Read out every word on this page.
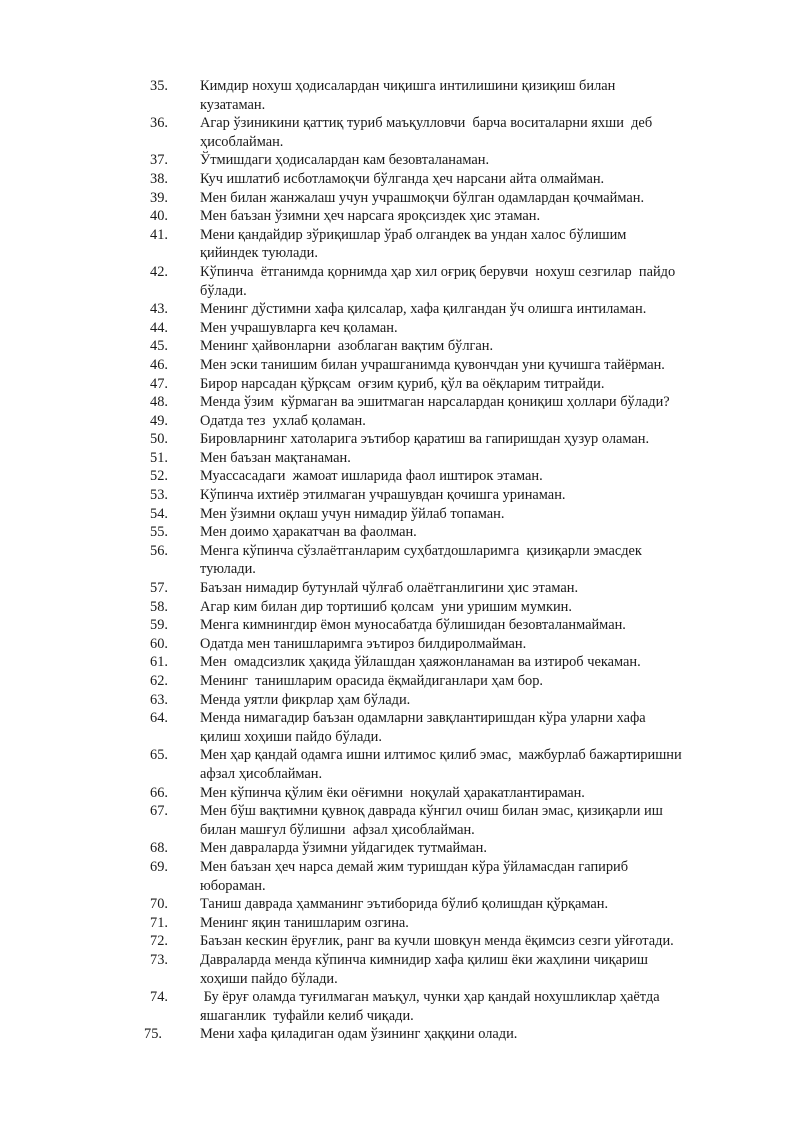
35. Кимдир нохуш ҳодисалардан чиқишга интилишини қизиқиш билан
кузатаман.
36. Агар ўзиникини қаттиқ туриб маъқулловчи  барча воситаларни яхши  деб
ҳисоблайман.
37. Ўтмишдаги ҳодисалардан кам безовталанаман.
38. Куч ишлатиб исботламоқчи бўлганда ҳеч нарсани айта олмайман.
39. Мен билан жанжалаш учун учрашмоқчи бўлган одамлардан қочмайман.
40. Мен баъзан ўзимни ҳеч нарсага яроқсиздек ҳис этаман.
41. Мени қандайдир зўриқишлар ўраб олгандек ва ундан халос бўлишим
қийиндек туюлади.
42. Кўпинча  ётганимда қорнимда ҳар хил оғриқ берувчи  нохуш сезгилар  пайдо
бўлади.
43. Менинг дўстимни хафа қилсалар, хафа қилгандан ўч олишга интиламан.
44. Мен учрашувларга кеч қоламан.
45. Менинг ҳайвонларни  азоблаган вақтим бўлган.
46. Мен эски танишим билан учрашганимда қувончдан уни қучишга тайёрман.
47. Бирор нарсадан қўрқсам  оғзим қуриб, қўл ва оёқларим титрайди.
48. Менда ўзим  кўрмаган ва эшитмаган нарсалардан қониқиш ҳоллари бўлади?
49. Одатда тез  ухлаб қоламан.
50. Бировларнинг хатоларига эътибор қаратиш ва гапиришдан ҳузур оламан.
51. Мен баъзан мақтанаман.
52. Муассасадаги  жамоат ишларида фаол иштирок этаман.
53. Кўпинча ихтиёр этилмаган учрашувдан қочишга уринаман.
54. Мен ўзимни оқлаш учун нимадир ўйлаб топаман.
55. Мен доимо ҳаракатчан ва фаолман.
56. Менга кўпинча сўзлаётганларим суҳбатдошларимга  қизиқарли эмасдек
туюлади.
57. Баъзан нимадир бутунлай чўлғаб олаётганлигини ҳис этаман.
58. Агар ким билан дир тортишиб қолсам  уни уришим мумкин.
59. Менга кимнингдир ёмон муносабатда бўлишидан безовталанмайман.
60. Одатда мен танишларимга эътироз билдиролмайман.
61. Мен  омадсизлик ҳақида ўйлашдан ҳаяжонланаман ва изтироб чекаман.
62. Менинг  танишларим орасида ёқмайдиганлари ҳам бор.
63. Менда уятли фикрлар ҳам бўлади.
64. Менда нимагадир баъзан одамларни завқлантиришдан кўра уларни хафа
қилиш хоҳиши пайдо бўлади.
65. Мен ҳар қандай одамга ишни илтимос қилиб эмас,  мажбурлаб бажартиришни
афзал ҳисоблайман.
66. Мен кўпинча қўлим ёки оёғимни  ноқулай ҳаракатлантираман.
67. Мен бўш вақтимни қувноқ даврада кўнгил очиш билан эмас, қизиқарли иш
билан машғул бўлишни  афзал ҳисоблайман.
68. Мен давраларда ўзимни уйдагидек тутмайман.
69. Мен баъзан ҳеч нарса демай жим туришдан кўра ўйламасдан гапириб
юбораман.
70. Таниш даврада ҳамманинг эътиборида бўлиб қолишдан қўрқаман.
71. Менинг яқин танишларим озгина.
72. Баъзан кескин ёруғлик, ранг ва кучли шовқун менда ёқимсиз сезги уйғотади.
73. Давраларда менда кўпинча кимнидир хафа қилиш ёки жаҳлини чиқариш
хоҳиши пайдо бўлади.
74. Бу ёруғ оламда туғилмаган маъқул, чунки ҳар қандай нохушликлар ҳаётда
яшаганлик  туфайли келиб чиқади.
75.	Мени хафа қиладиган одам ўзининг ҳаққини олади.
